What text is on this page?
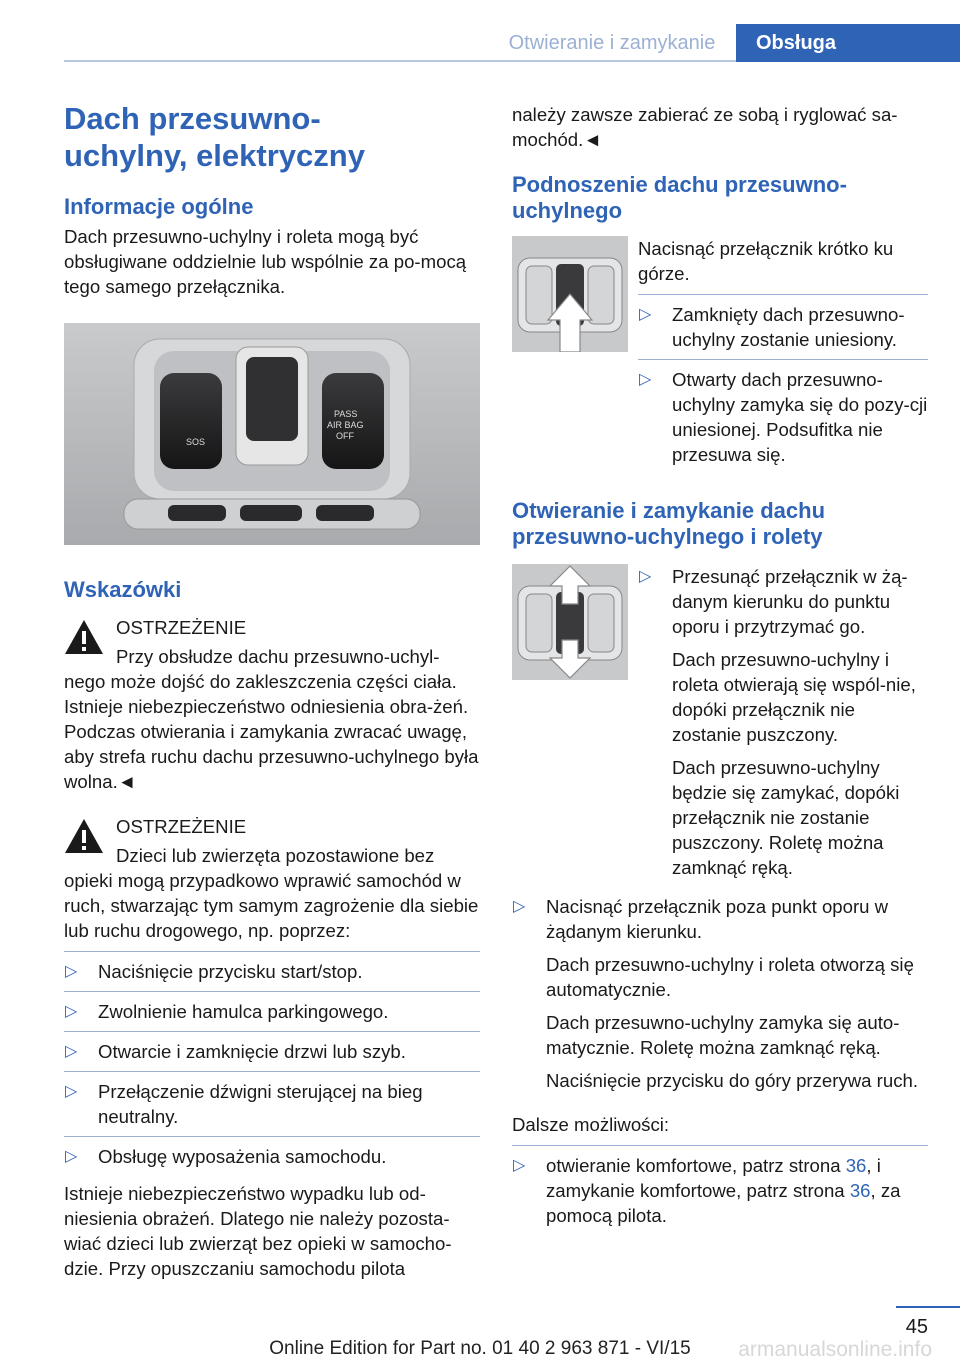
Otwieranie i zamykanie	Obsługa
Dach przesuwno-uchylny, elektryczny
Informacje ogólne

Dach przesuwno-uchylny i roleta mogą być obsługiwane oddzielnie lub wspólnie za po-mocą tego samego przełącznika.

SOS
PASS
AIR BAG
OFF
Wskazówki
OSTRZEŻENIE
Przy obsłudze dachu przesuwno-uchyl-nego może dojść do zakleszczenia części ciała. Istnieje niebezpieczeństwo odniesienia obra-żeń. Podczas otwierania i zamykania zwracać uwagę, aby strefa ruchu dachu przesuwno-uchylnego była wolna.◄
OSTRZEŻENIE
Dzieci lub zwierzęta pozostawione bez opieki mogą przypadkowo wprawić samochód w ruch, stwarzając tym samym zagrożenie dla siebie lub ruchu drogowego, np. poprzez:
▷ Naciśnięcie przycisku start/stop.
▷ Zwolnienie hamulca parkingowego.
▷ Otwarcie i zamknięcie drzwi lub szyb.
▷ Przełączenie dźwigni sterującej na bieg neutralny.
▷ Obsługę wyposażenia samochodu.

Istnieje niebezpieczeństwo wypadku lub od-niesienia obrażeń. Dlatego nie należy pozosta-wiać dzieci lub zwierząt bez opieki w samocho-dzie. Przy opuszczaniu samochodu pilota

należy zawsze zabierać ze sobą i ryglować sa-mochód.◄

Podnoszenie dachu przesuwno-uchylnego

Nacisnąć przełącznik krótko ku górze.

▷ Zamknięty dach przesuwno-uchylny zostanie uniesiony.
▷ Otwarty dach przesuwno-uchylny zamyka się do pozy-cji uniesionej. Podsufitka nie przesuwa się.
Otwieranie i zamykanie dachu przesuwno-uchylnego i rolety
▷ Przesunąć przełącznik w żą-danym kierunku do punktu oporu i przytrzymać go.
Dach przesuwno-uchylny i roleta otwierają się wspól-nie, dopóki przełącznik nie zostanie puszczony.
Dach przesuwno-uchylny będzie się zamykać, dopóki przełącznik nie zostanie puszczony. Roletę można zamknąć ręką.
▷ Nacisnąć przełącznik poza punkt oporu w żądanym kierunku.
Dach przesuwno-uchylny i roleta otworzą się automatycznie.
Dach przesuwno-uchylny zamyka się auto-matycznie. Roletę można zamknąć ręką.
Naciśnięcie przycisku do góry przerywa ruch.

Dalsze możliwości:

▷ otwieranie komfortowe, patrz strona 36, i zamykanie komfortowe, patrz strona 36, za pomocą pilota.
45
Online Edition for Part no. 01 40 2 963 871 - VI/15	armanualsonline.info
